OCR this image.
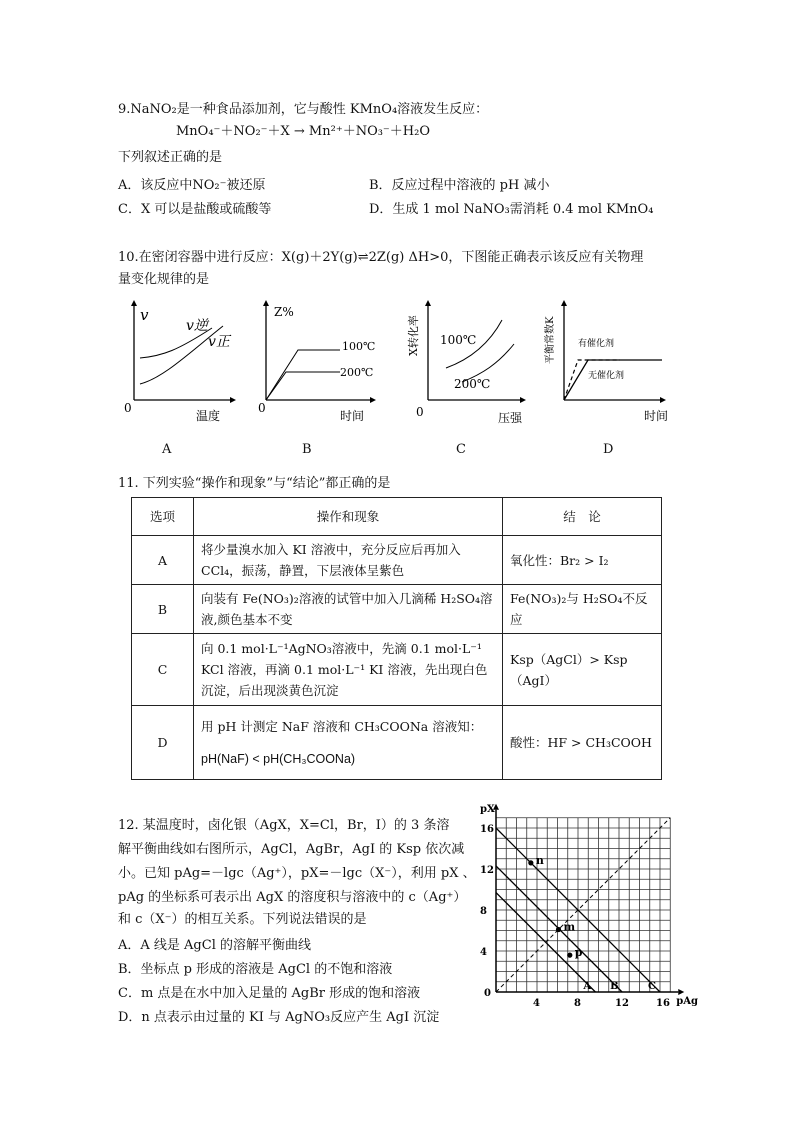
9.NaNO₂是一种食品添加剂，它与酸性 KMnO₄溶液发生反应：
MnO₄⁻＋NO₂⁻＋X → Mn²⁺＋NO₃⁻＋H₂O
下列叙述正确的是
A．该反应中NO₂⁻被还原	B．反应过程中溶液的 pH 减小
C．X 可以是盐酸或硫酸等	D．生成 1 mol NaNO₃需消耗 0.4 mol KMnO₄
10.在密闭容器中进行反应：X(g)＋2Y(g)⇌2Z(g) ΔH>0，下图能正确表示该反应有关物理
量变化规律的是
v
v逆
v正
0
温度
Z%
100℃
200℃
0
时间
X转化率 100℃
200℃
0	压强
平衡常数K 有催化剂
无催化剂
时间
A	B	C	D
11. 下列实验“操作和现象”与“结论”都正确的是
选项	操作和现象	结　论
A	将少量溴水加入 KI 溶液中，充分反应后再加入 CCl₄，振荡，静置，下层液体呈紫色	氧化性：Br₂ > I₂
B	向装有 Fe(NO₃)₂溶液的试管中加入几滴稀 H₂SO₄溶液,颜色基本不变	Fe(NO₃)₂与 H₂SO₄不反应
C	向 0.1 mol·L⁻¹AgNO₃溶液中，先滴 0.1 mol·L⁻¹ KCl 溶液，再滴 0.1 mol·L⁻¹ KI 溶液，先出现白色沉淀，后出现淡黄色沉淀	Ksp（AgCl）> Ksp（AgI）
D	用 pH 计测定 NaF 溶液和 CH₃COONa 溶液知：
pH(NaF) < pH(CH₃COONa)	酸性：HF > CH₃COOH
12. 某温度时，卤化银（AgX，X=Cl，Br，I）的 3 条溶
解平衡曲线如右图所示，AgCl，AgBr，AgI 的 Ksp 依次减
小。已知 pAg=－lgc（Ag⁺），pX=－lgc（X⁻），利用 pX 、
pAg 的坐标系可表示出 AgX 的溶度积与溶液中的 c（Ag⁺）
和 c（X⁻）的相互关系。下列说法错误的是
A．A 线是 AgCl 的溶解平衡曲线
B．坐标点 p 形成的溶液是 AgCl 的不饱和溶液
C．m 点是在水中加入足量的 AgBr 形成的饱和溶液
D．n 点表示由过量的 KI 与 AgNO₃反应产生 AgI 沉淀
A B	C
0
4
4
8
8
12
12
16
16
pX
pAg
n
m
p
